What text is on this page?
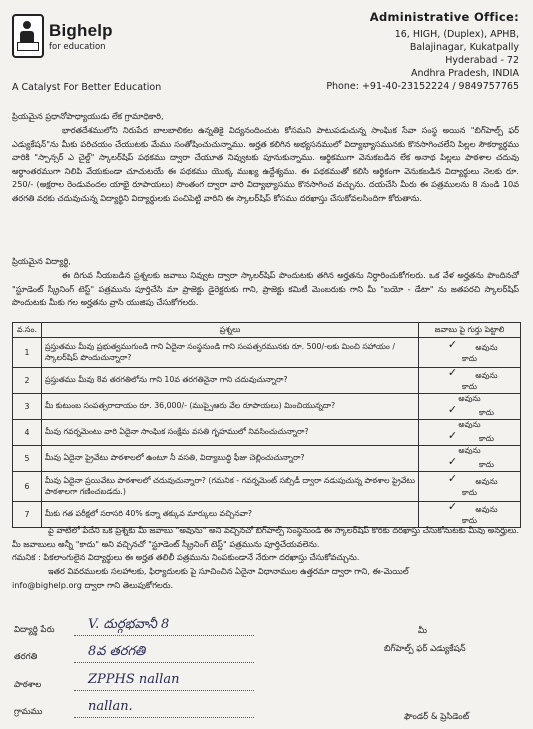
Bighelp
for education
A Catalyst For Better Education
Administrative Office:
16, HIGH, (Duplex), APHB,
Balajinagar, Kukatpally
Hyderabad - 72
Andhra Pradesh, INDIA
Phone: +91-40-23152224 / 9849757765
ప్రియమైన ప్రధానోపాధ్యాయుడు లేక గ్రామాధికారి,
భారతదేశములోని నిరుపేద బాలబాలికల ఉన్నతికై విద్యనందించుట కోసమని పాటుపడుచున్న సాంఘిక సేవా సంస్థ అయిన "బిగ్‌హెల్ప్ ఫర్ ఎడ్యుకేషన్"ను మీకు పరిచయం చేయుటకు మేము సంతోషించుచున్నాము. అర్హత కలిగిన అభ్యసనములో విద్యాభ్యాసమునకు కొనసాగించలేని పిల్లల సౌకర్యార్థము వారికి "స్పాన్సర్ ఎ చైల్డ్" స్కాలర్‌షిప్ పథకము ద్వారా చేయూత నివ్వుటకు పూనుకున్నాము. ఆర్థికముగా వెనుకబడిన లేక అనాథ పిల్లలు పాఠశాల చదువు అర్థాంతరముగా నిలిపి వేయకుండా చూచుటయే ఈ పథకము యొక్క ముఖ్య ఉద్దేశ్యము. ఈ పథకముతో కలిసి ఆర్థికంగా వెనుకబడిన విద్యార్థులు నెలకు రూ. 250/- (అక్షరాల రెండువందల యాభై రూపాయలు) సొంతంగ ద్వారా వారి విద్యాభ్యాసము కొనసాగించ వచ్చును. దయచేసి మీరు ఈ పత్రములను 8 నుండి 10వ తరగతి వరకు చదువుచున్న విద్యార్థిని విద్యార్థులకు పంచిపెట్టి వారిని ఈ స్కాలర్‌షిప్ కోసము దరఖాస్తు చేసుకోవలసిందిగా కోరుతాను.
ప్రియమైన విద్యార్థి,
ఈ దిగువ నీయబడిన ప్రశ్నలకు జవాబు నివ్వుట ద్వారా స్కాలర్‌షిప్ పొందుటకు తగిన అర్హతను నిర్ధారించుకోగలరు. ఒక వేళ అర్హతను పొందినచో "స్టూడెంట్ స్క్రీనింగ్ టెస్ట్" పత్రమును పూర్తిచేసి మా ప్రాజెక్టు డైరెక్టరుకు గాని, ప్రాజెక్టు కమిటీ మెంబరుకు గాని మీ "బయో - డేటా" ను జతపరచి స్కాలర్‌షిప్ పొందుటకు మీకు గల అర్హతను వ్రాసి యుజిపు చేసుకోగలరు.
వ.సం.	ప్రశ్నలు	జవాబు పై గుర్తు పెట్టాలి
1	ప్రస్తుతము మీవు ప్రభుత్వముగుండి గాని ఏదైనా సంస్థనుండి గాని సంపత్సరమునకు రూ. 500/-లకు మించి సహాయం / స్కాలర్‌షిప్ పొందుచున్నారా?	✓ అవునుకాదు
2	ప్రస్తుతము మీవు 8వ తరగతిలోను గాని 10వ తరగతినైనా గాని చదువుచున్నారా?	✓ అవునుకాదు
3	మీ కుటుంబ సంపత్సరాదాయం రూ. 36,000/- (ముప్పైఆరు వేల రూపాయలు) మించియున్నదా?	అవును✓ కాదు
4	మీవు గవర్నమెంటు వారి ఏదైనా సాంఘిక సంక్షేమ వసతి గృహములో నివసించుచున్నారా?	అవును✓ కాదు
5	మీవు ఏదైనా ప్రైవేటు పాఠశాలలో ఉంటూ నీ వసతి, విద్యాబుద్ధి ఫీజు చెల్లించుచున్నారా?	అవును✓ కాదు
6	మీవు ఏదైనా ప్రయివేటు పాఠశాలలో చదువుచున్నారా? (గమనిక - గవర్నమెంట్ సబ్సిడీ ద్వారా నడుపుచున్న పాఠశాల ప్రైవేటు పాఠశాలగా గణించబడదు.)	✓ అవునుకాదు
7	మీకు గత పరీక్షలో సరాసరి 40% కన్నా తక్కువ మార్కులు వచ్చినవా?	✓ అవునుకాదు
పై వాటిలో పేదేని ఒక ప్రశ్నకు మీ జవాబు "అవును" అని వచ్చినచో బిగ్‌హెల్ప్ సంస్థనుండి ఈ స్కాలర్‌షిప్ కొరకు దరఖాస్తు చేసుకోనుటకు మీవు అనర్హులు. మీ జవాబులు అన్నీ "కాదు" అని వచ్చినచో "స్టూడెంట్ స్క్రీనింగ్ టెస్ట్" పత్రమును పూర్తిచేయవలెను.
గమనిక : పికలాంగులైన విద్యార్థులు ఈ అర్హత తలిలీ పత్రమును నింపకుండానే నేరుగా దరఖాస్తు చేసుకోవచ్చును.
ఇతర వివరములకు సలహాలకు, ఫిర్యాదులకు పై సూచించిన ఏదైనా విధానాముల ఉత్తరమా ద్వారా గాని, ఈ-మెయిల్
info@bighelp.org ద్వారా గాని తెలుపుకోగలరు.
విద్యార్థి పేరు	V. దుర్గభవానీ 8
తరగతి	8వ తరగతి
పాఠశాల	ZPPHS nallan
గ్రామము	nallan.
మీ
బిగ్‌హెల్ప్ ఫర్ ఎడ్యుకేషన్
ఫౌండర్ & ప్రెసిడెంట్
